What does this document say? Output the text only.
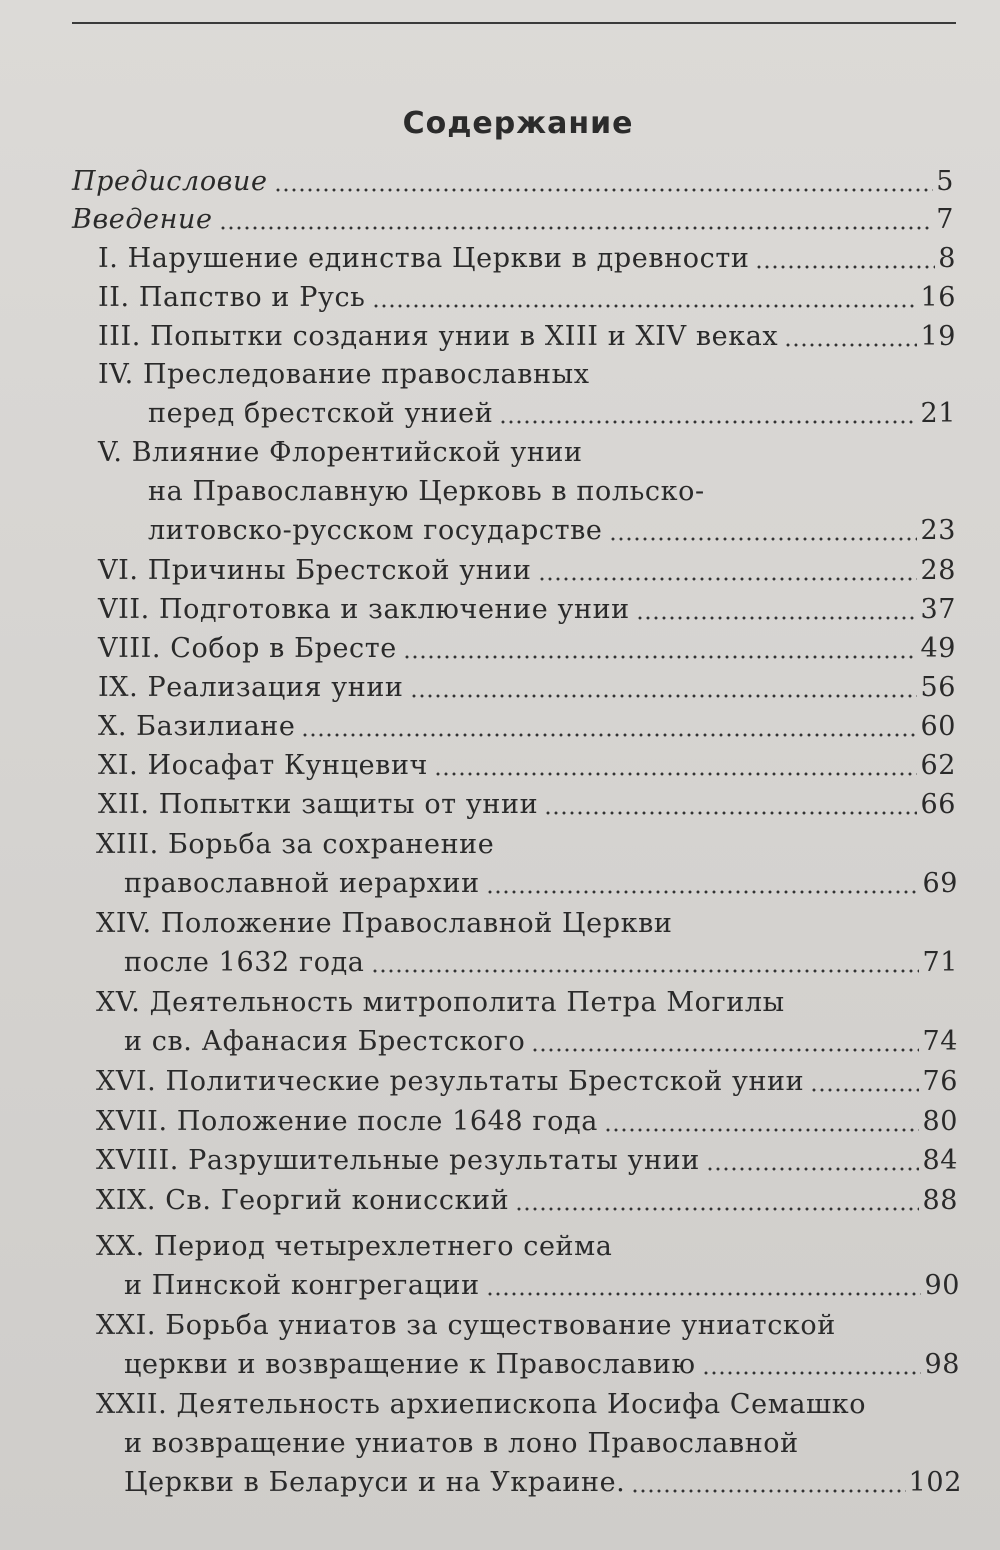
Содержание
Предисловие	5
Введение	7
I. Нарушение единства Церкви в древности	8
II. Папство и Русь	16
III. Попытки создания унии в XIII и XIV веках	19
IV. Преследование православных
перед брестской унией	21
V. Влияние Флорентийской унии
на Православную Церковь в польско-
литовско-русском государстве	23
VI. Причины Брестской унии	28
VII. Подготовка и заключение унии	37
VIII. Собор в Бресте	49
IX. Реализация унии	56
X. Базилиане	60
XI. Иосафат Кунцевич	62
XII. Попытки защиты от унии	66
XIII. Борьба за сохранение
православной иерархии	69
XIV. Положение Православной Церкви
после 1632 года	71
XV. Деятельность митрополита Петра Могилы
и св. Афанасия Брестского	74
XVI. Политические результаты Брестской унии	76
XVII. Положение после 1648 года	80
XVIII. Разрушительные результаты унии	84
XIX. Св. Георгий конисский	88
XX. Период четырехлетнего сейма
и Пинской конгрегации	90
XXI. Борьба униатов за существование униатской
церкви и возвращение к Православию	98
XXII. Деятельность архиепископа Иосифа Семашко
и возвращение униатов в лоно Православной
Церкви в Беларуси и на Украине.	102
